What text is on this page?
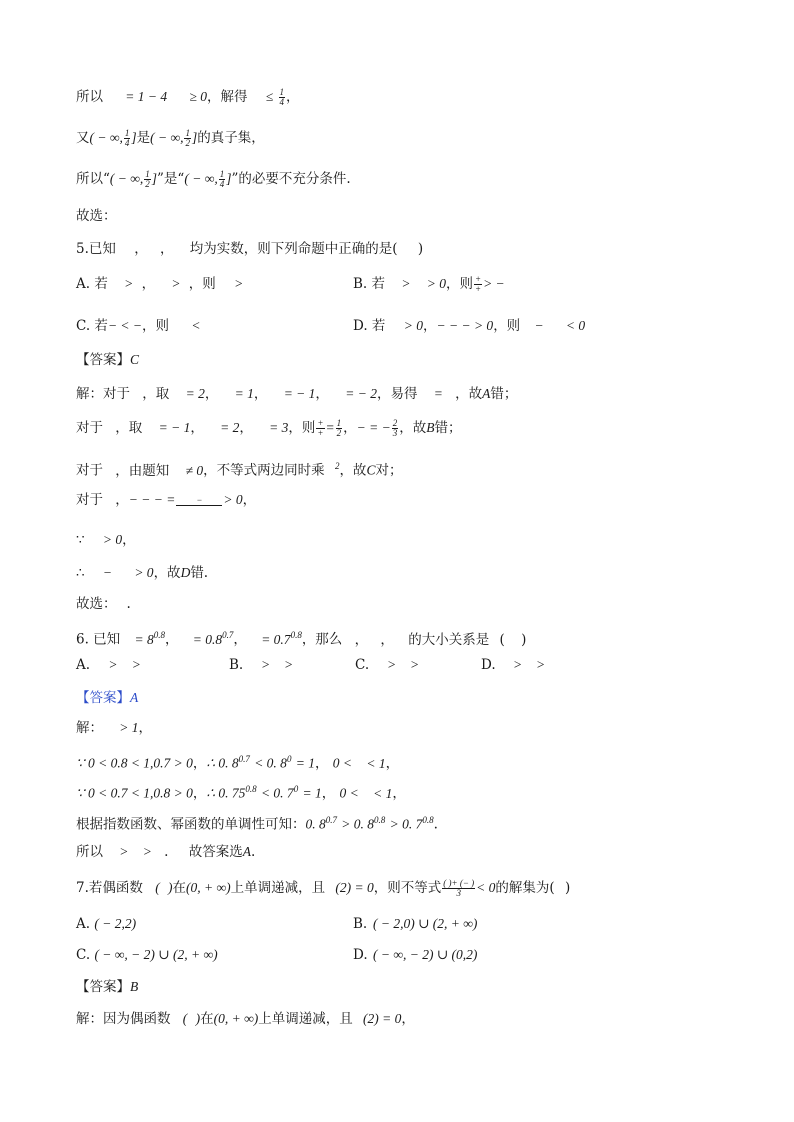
所以 = 1 − 4 ≥ 0，解得 ≤ $\frac{1}{4}$ ，
又( − ∞, $\frac{1}{4}$ ]是( − ∞, $\frac{1}{2}$ ]的真子集，
所以“( − ∞, $\frac{1}{2}$ ]”是“( − ∞, $\frac{1}{4}$ ]”的必要不充分条件.
故选：
5.已知 ， ， 均为实数，则下列命题中正确的是( )
A. 若 > ， > ，则 >	B. 若 > > 0，则 $\frac{+}{+}$ > −
C. 若− < −，则 <	D. 若 > 0，− − − > 0，则 − < 0
【答案】C
解：对于 ，取 = 2， = 1， = − 1， = − 2，易得 = ，故A错；
对于 ，取 = − 1， = 2， = 3，则 $\frac{+}{+} = \frac{1}{2}$ ，− = − $\frac{2}{3}$ ，故B错；
对于 ，由题知 ≠ 0，不等式两边同时乘 $^2$，故C对；
对于 ，− − − =	−	> 0，
∵ > 0，
∴ − > 0，故D错.
故选： .
6. 已知 = $8^{0.8}$， = $0.8^{0.7}$， = $0.7^{0.8}$，那么 ， ， 的大小关系是 ( )
A. > >	B. > >	C. > >	D. > >
【答案】A
解： > 1，
∵ 0 < 0.8 < 1,0.7 > 0，∴ 0. $8^{0.7} < 0$. $8^0 = 1$， 0 < < 1，
∵ 0 < 0.7 < 1,0.8 > 0，∴ 0. $75^{0.8} < 0$. $7^0 = 1$， 0 < < 1，
根据指数函数、幂函数的单调性可知：0. $8^{0.7} > 0$. $8^{0.8} > 0$. $7^{0.8}$.
所以 > > . 故答案选A.
7.若偶函数 ( )在(0, + ∞)上单调递减，且 (2) = 0，则不等式 $\frac{( )+ (- )}{3} < 0$的解集为( )
A. ( − 2,2)	B. ( − 2,0) ∪ (2, + ∞)
C. ( − ∞, − 2) ∪ (2, + ∞)	D. ( − ∞, − 2) ∪ (0,2)
【答案】B
解：因为偶函数 ( )在(0, + ∞)上单调递减，且 (2) = 0，
